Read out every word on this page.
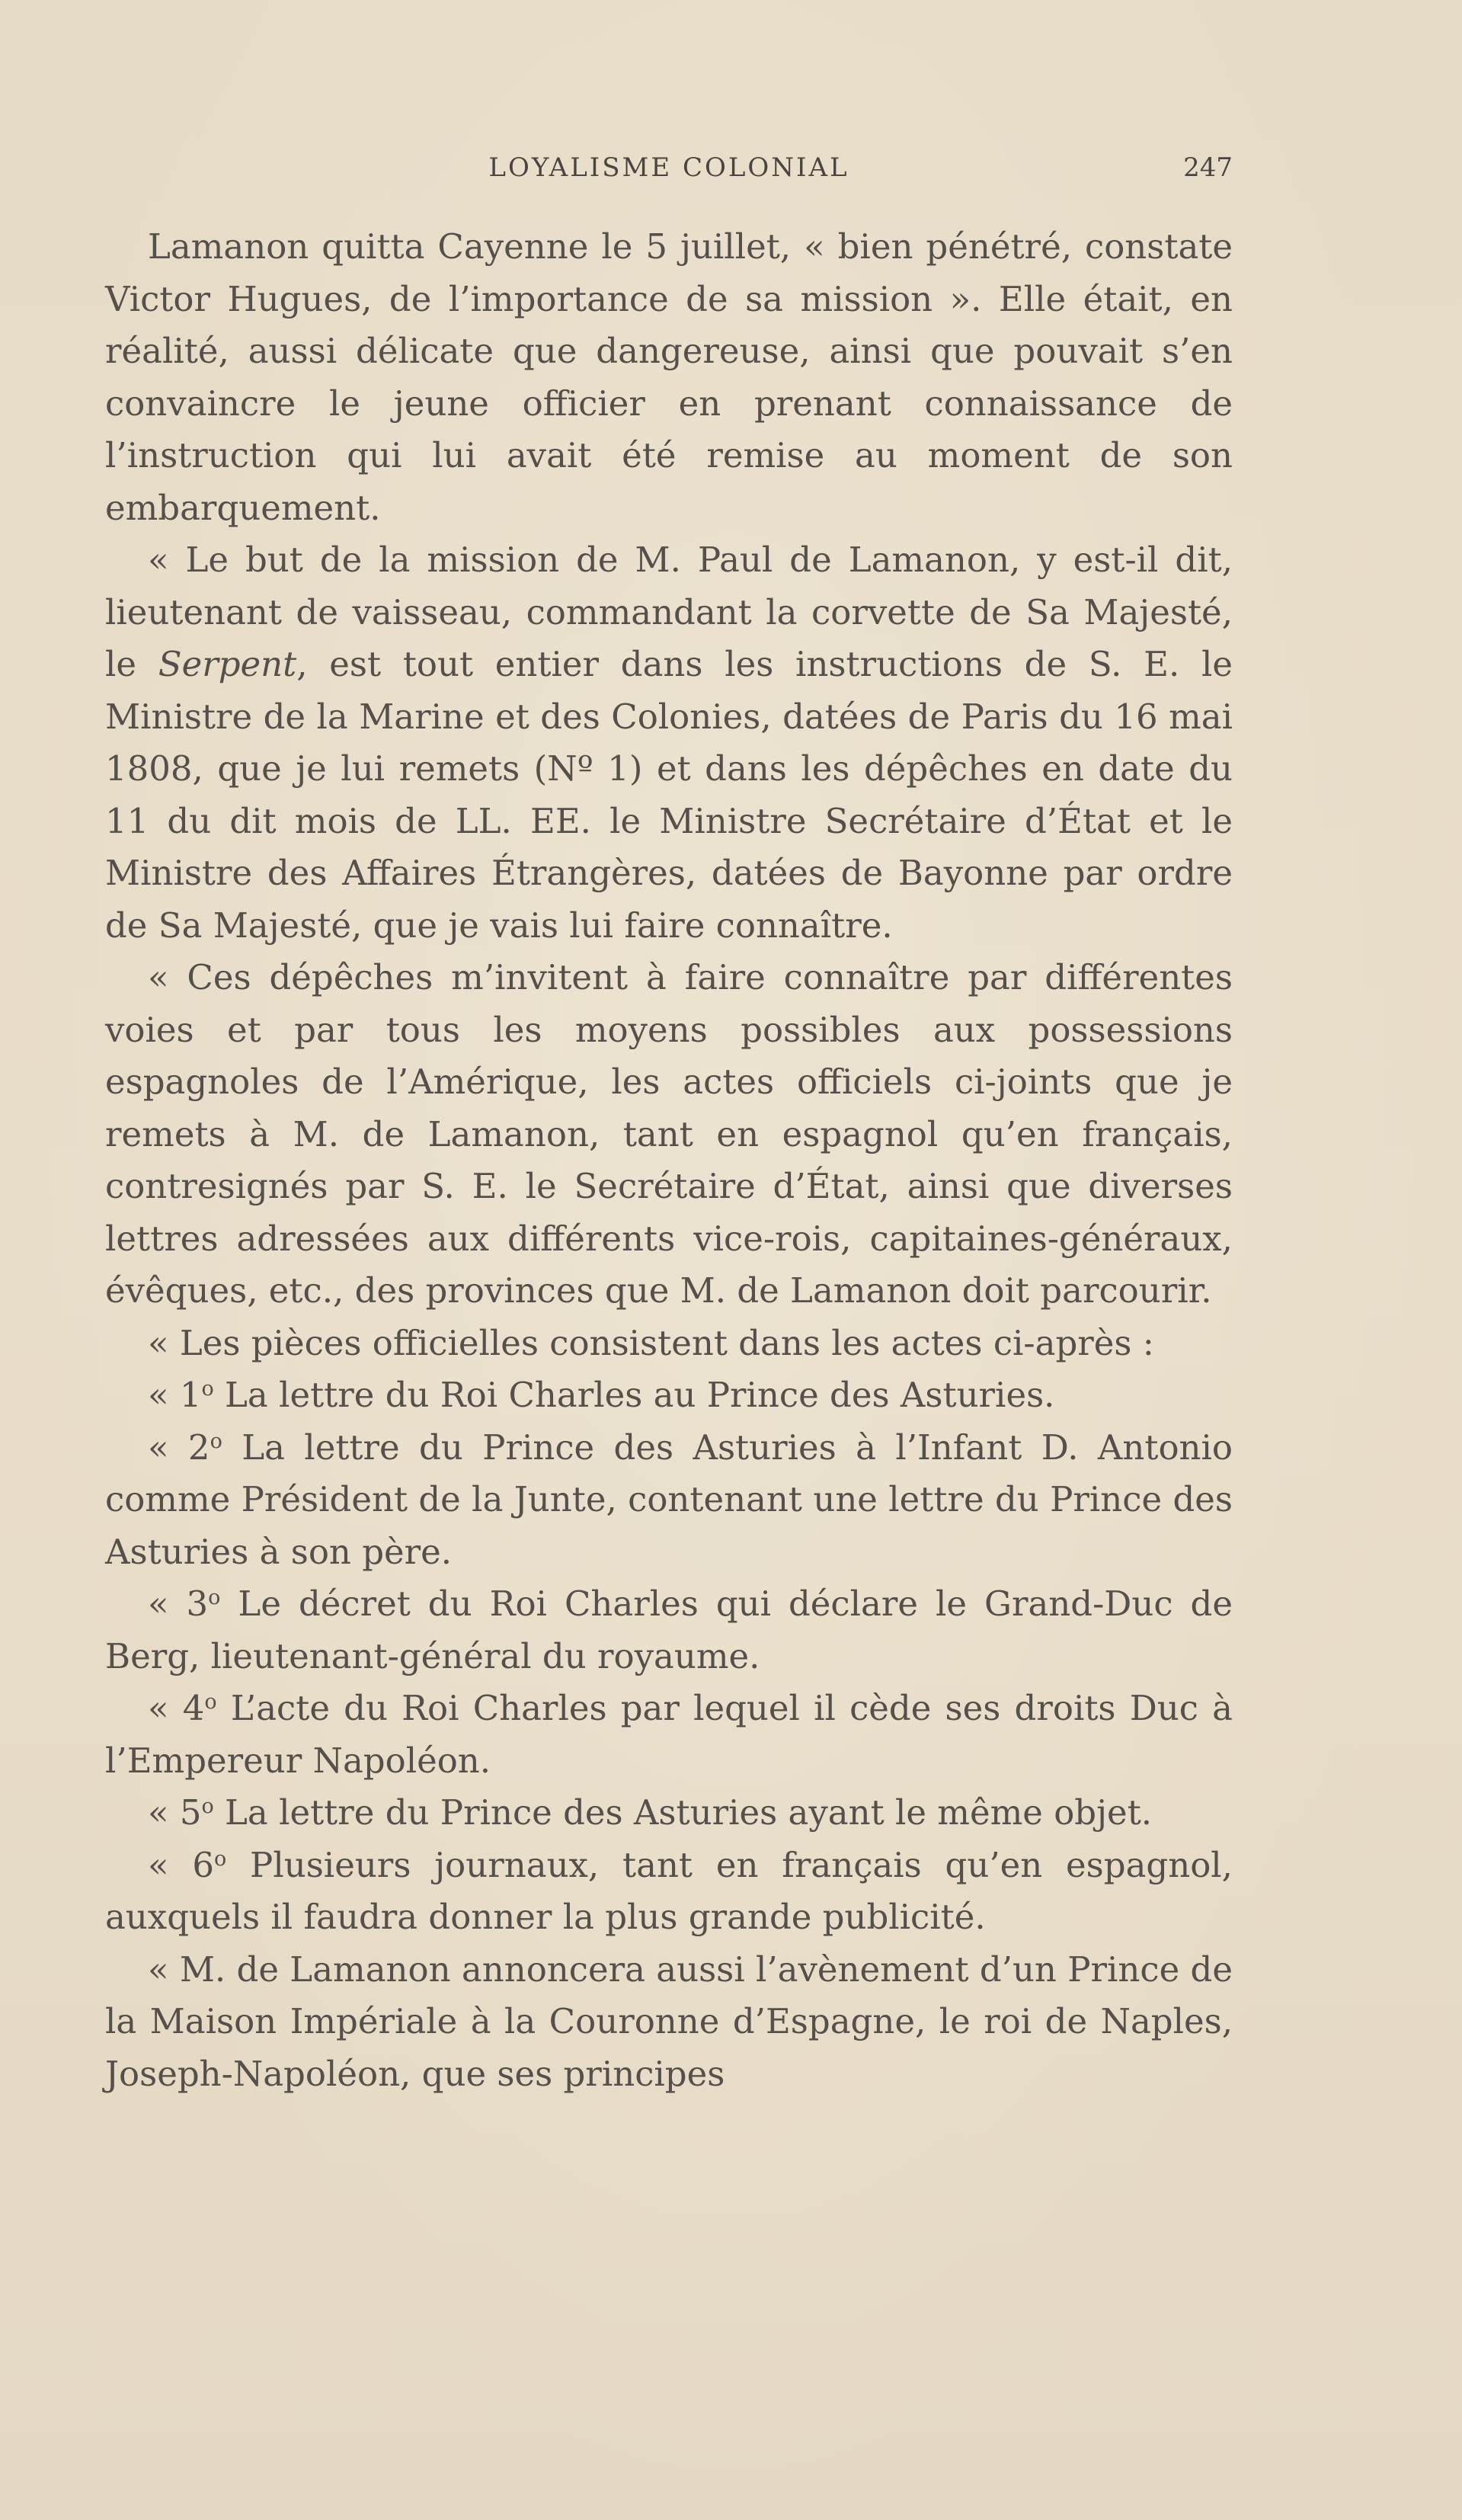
LOYALISME COLONIAL	247

Lamanon quitta Cayenne le 5 juillet, « bien pénétré, constate Victor Hugues, de l’importance de sa mission ». Elle était, en réalité, aussi délicate que dangereuse, ainsi que pouvait s’en convaincre le jeune officier en prenant connaissance de l’instruction qui lui avait été remise au moment de son embarquement.

« Le but de la mission de M. Paul de Lamanon, y est-il dit, lieutenant de vaisseau, commandant la corvette de Sa Majesté, le Serpent, est tout entier dans les instructions de S. E. le Ministre de la Marine et des Colonies, datées de Paris du 16 mai 1808, que je lui remets (Nº 1) et dans les dépêches en date du 11 du dit mois de LL. EE. le Ministre Secrétaire d’État et le Ministre des Affaires Étrangères, datées de Bayonne par ordre de Sa Majesté, que je vais lui faire connaître.

« Ces dépêches m’invitent à faire connaître par différentes voies et par tous les moyens possibles aux possessions espagnoles de l’Amérique, les actes officiels ci-joints que je remets à M. de Lamanon, tant en espagnol qu’en français, contresignés par S. E. le Secrétaire d’État, ainsi que diverses lettres adressées aux différents vice-rois, capitaines-généraux, évêques, etc., des provinces que M. de Lamanon doit parcourir.

« Les pièces officielles consistent dans les actes ci-après :

« 1$^o$ La lettre du Roi Charles au Prince des Asturies.

« 2$^o$ La lettre du Prince des Asturies à l’Infant D. Antonio comme Président de la Junte, contenant une lettre du Prince des Asturies à son père.

« 3$^o$ Le décret du Roi Charles qui déclare le Grand-Duc de Berg, lieutenant-général du royaume.

« 4$^o$ L’acte du Roi Charles par lequel il cède ses droits Duc à l’Empereur Napoléon.

« 5$^o$ La lettre du Prince des Asturies ayant le même objet.

« 6$^o$ Plusieurs journaux, tant en français qu’en espagnol, auxquels il faudra donner la plus grande publicité.

« M. de Lamanon annoncera aussi l’avènement d’un Prince de la Maison Impériale à la Couronne d’Espagne, le roi de Naples, Joseph-Napoléon, que ses principes
